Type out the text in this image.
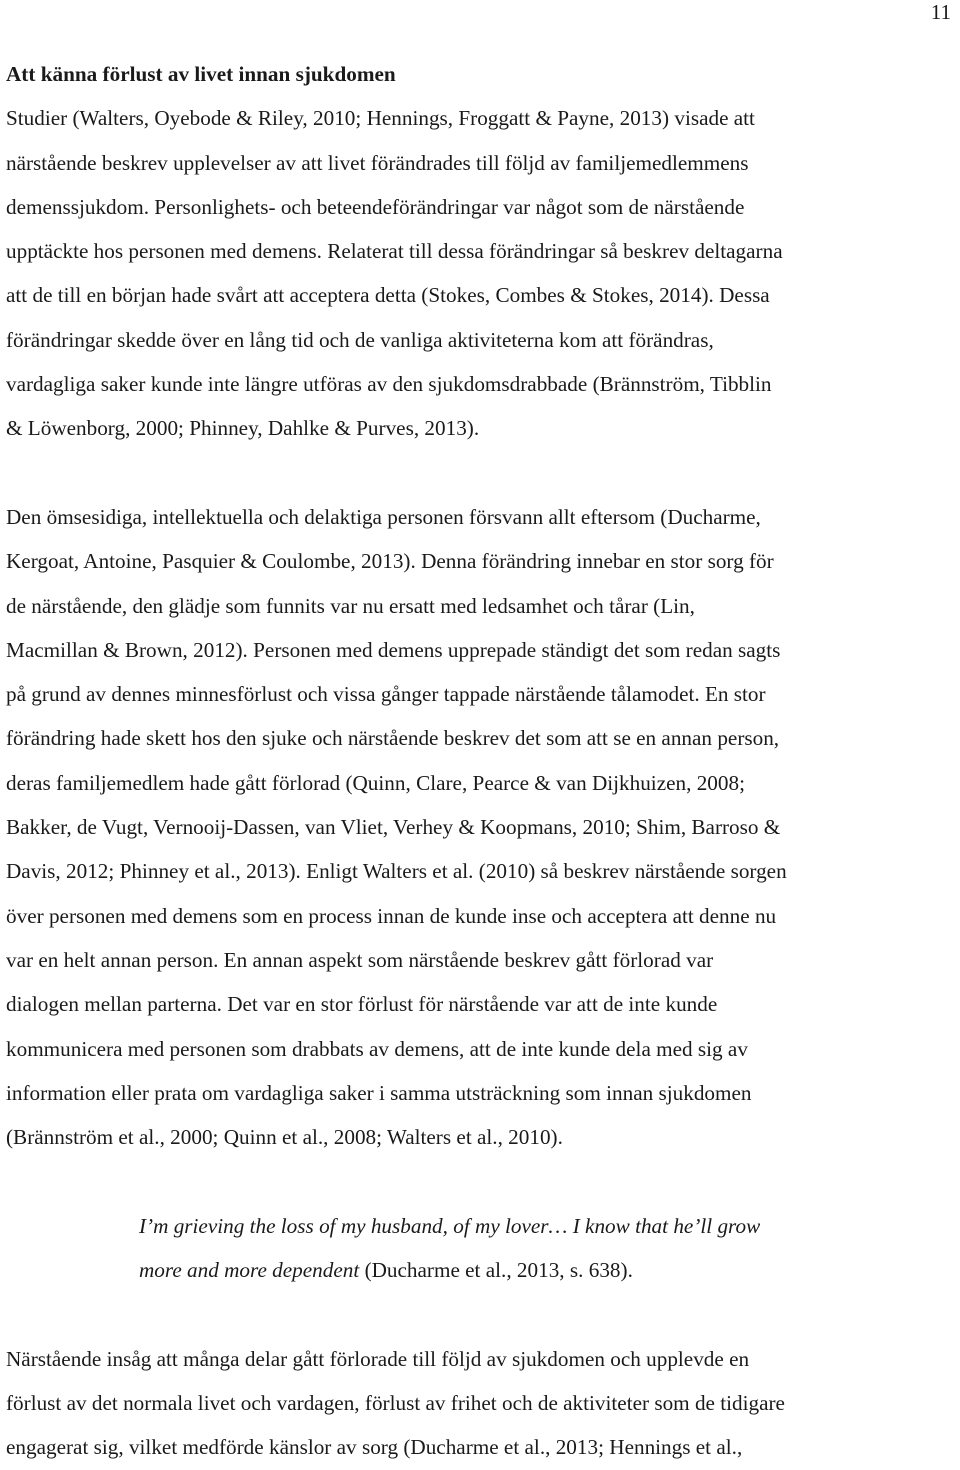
11

Att känna förlust av livet innan sjukdomen

Studier (Walters, Oyebode & Riley, 2010; Hennings, Froggatt & Payne, 2013) visade att
närstående beskrev upplevelser av att livet förändrades till följd av familjemedlemmens
demenssjukdom. Personlighets- och beteendeförändringar var något som de närstående
upptäckte hos personen med demens. Relaterat till dessa förändringar så beskrev deltagarna
att de till en början hade svårt att acceptera detta (Stokes, Combes & Stokes, 2014). Dessa
förändringar skedde över en lång tid och de vanliga aktiviteterna kom att förändras,
vardagliga saker kunde inte längre utföras av den sjukdomsdrabbade (Brännström, Tibblin
& Löwenborg, 2000; Phinney, Dahlke & Purves, 2013).

Den ömsesidiga, intellektuella och delaktiga personen försvann allt eftersom (Ducharme,
Kergoat, Antoine, Pasquier & Coulombe, 2013). Denna förändring innebar en stor sorg för
de närstående, den glädje som funnits var nu ersatt med ledsamhet och tårar (Lin,
Macmillan & Brown, 2012). Personen med demens upprepade ständigt det som redan sagts
på grund av dennes minnesförlust och vissa gånger tappade närstående tålamodet. En stor
förändring hade skett hos den sjuke och närstående beskrev det som att se en annan person,
deras familjemedlem hade gått förlorad (Quinn, Clare, Pearce & van Dijkhuizen, 2008;
Bakker, de Vugt, Vernooij-Dassen, van Vliet, Verhey & Koopmans, 2010; Shim, Barroso &
Davis, 2012; Phinney et al., 2013). Enligt Walters et al. (2010) så beskrev närstående sorgen
över personen med demens som en process innan de kunde inse och acceptera att denne nu
var en helt annan person. En annan aspekt som närstående beskrev gått förlorad var
dialogen mellan parterna. Det var en stor förlust för närstående var att de inte kunde
kommunicera med personen som drabbats av demens, att de inte kunde dela med sig av
information eller prata om vardagliga saker i samma utsträckning som innan sjukdomen
(Brännström et al., 2000; Quinn et al., 2008; Walters et al., 2010).

I’m grieving the loss of my husband, of my lover… I know that he’ll grow
more and more dependent (Ducharme et al., 2013, s. 638).

Närstående insåg att många delar gått förlorade till följd av sjukdomen och upplevde en
förlust av det normala livet och vardagen, förlust av frihet och de aktiviteter som de tidigare
engagerat sig, vilket medförde känslor av sorg (Ducharme et al., 2013; Hennings et al.,
